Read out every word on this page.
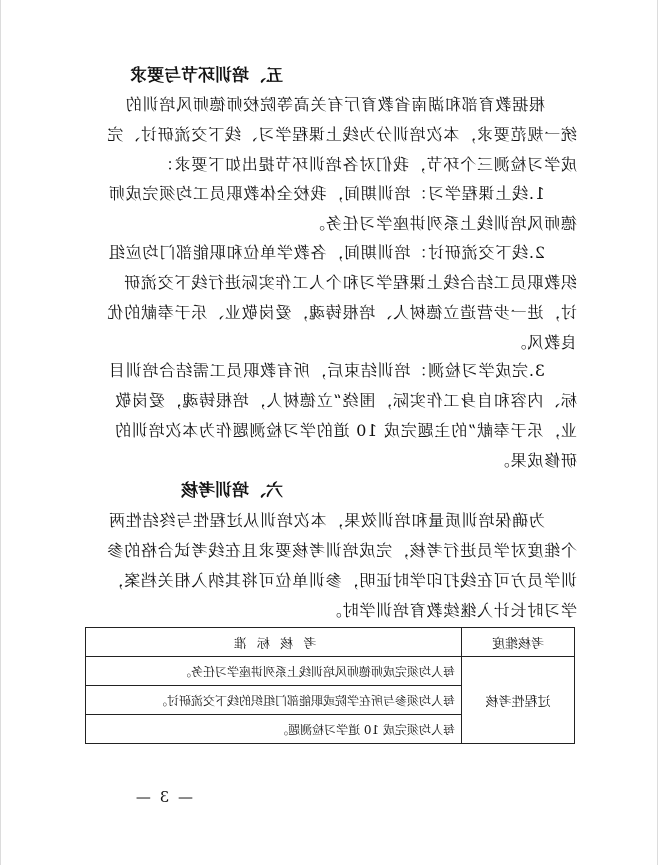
五、培训环节与要求

根据教育部和湖南省教育厅有关高等院校师德师风培训的
统一规范要求，本次培训分为线上课程学习、线下交流研讨、完
成学习检测三个环节，我们对各培训环节提出如下要求：

1.线上课程学习：培训期间，我校全体教职员工均须完成师
德师风培训线上系列讲座学习任务。

2.线下交流研讨：培训期间，各教学单位和职能部门均应组
织教职员工结合线上课程学习和个人工作实际进行线下交流研
讨，进一步营造立德树人、培根铸魂，爱岗敬业、乐于奉献的优
良教风。

3.完成学习检测：培训结束后，所有教职员工需结合培训目
标、内容和自身工作实际，围绕“立德树人，培根铸魂，爱岗敬
业，乐于奉献”的主题完成 10 道的学习检测题作为本次培训的
研修成果。

六、培训考核

为确保培训质量和培训效果，本次培训从过程性与终结性两
个维度对学员进行考核，完成培训考核要求且在线考试合格的参
训学员方可在线打印学时证明，参训单位可将其纳入相关档案，
学习时长计入继续教育培训学时。

考核维度	考 核 标 准
过程性考核	每人均须完成师德师风培训线上系列讲座学习任务。
	每人均须参与所在学院或职能部门组织的线下交流研讨。
	每人均须完成 10 道学习检测题。
— 3 —
